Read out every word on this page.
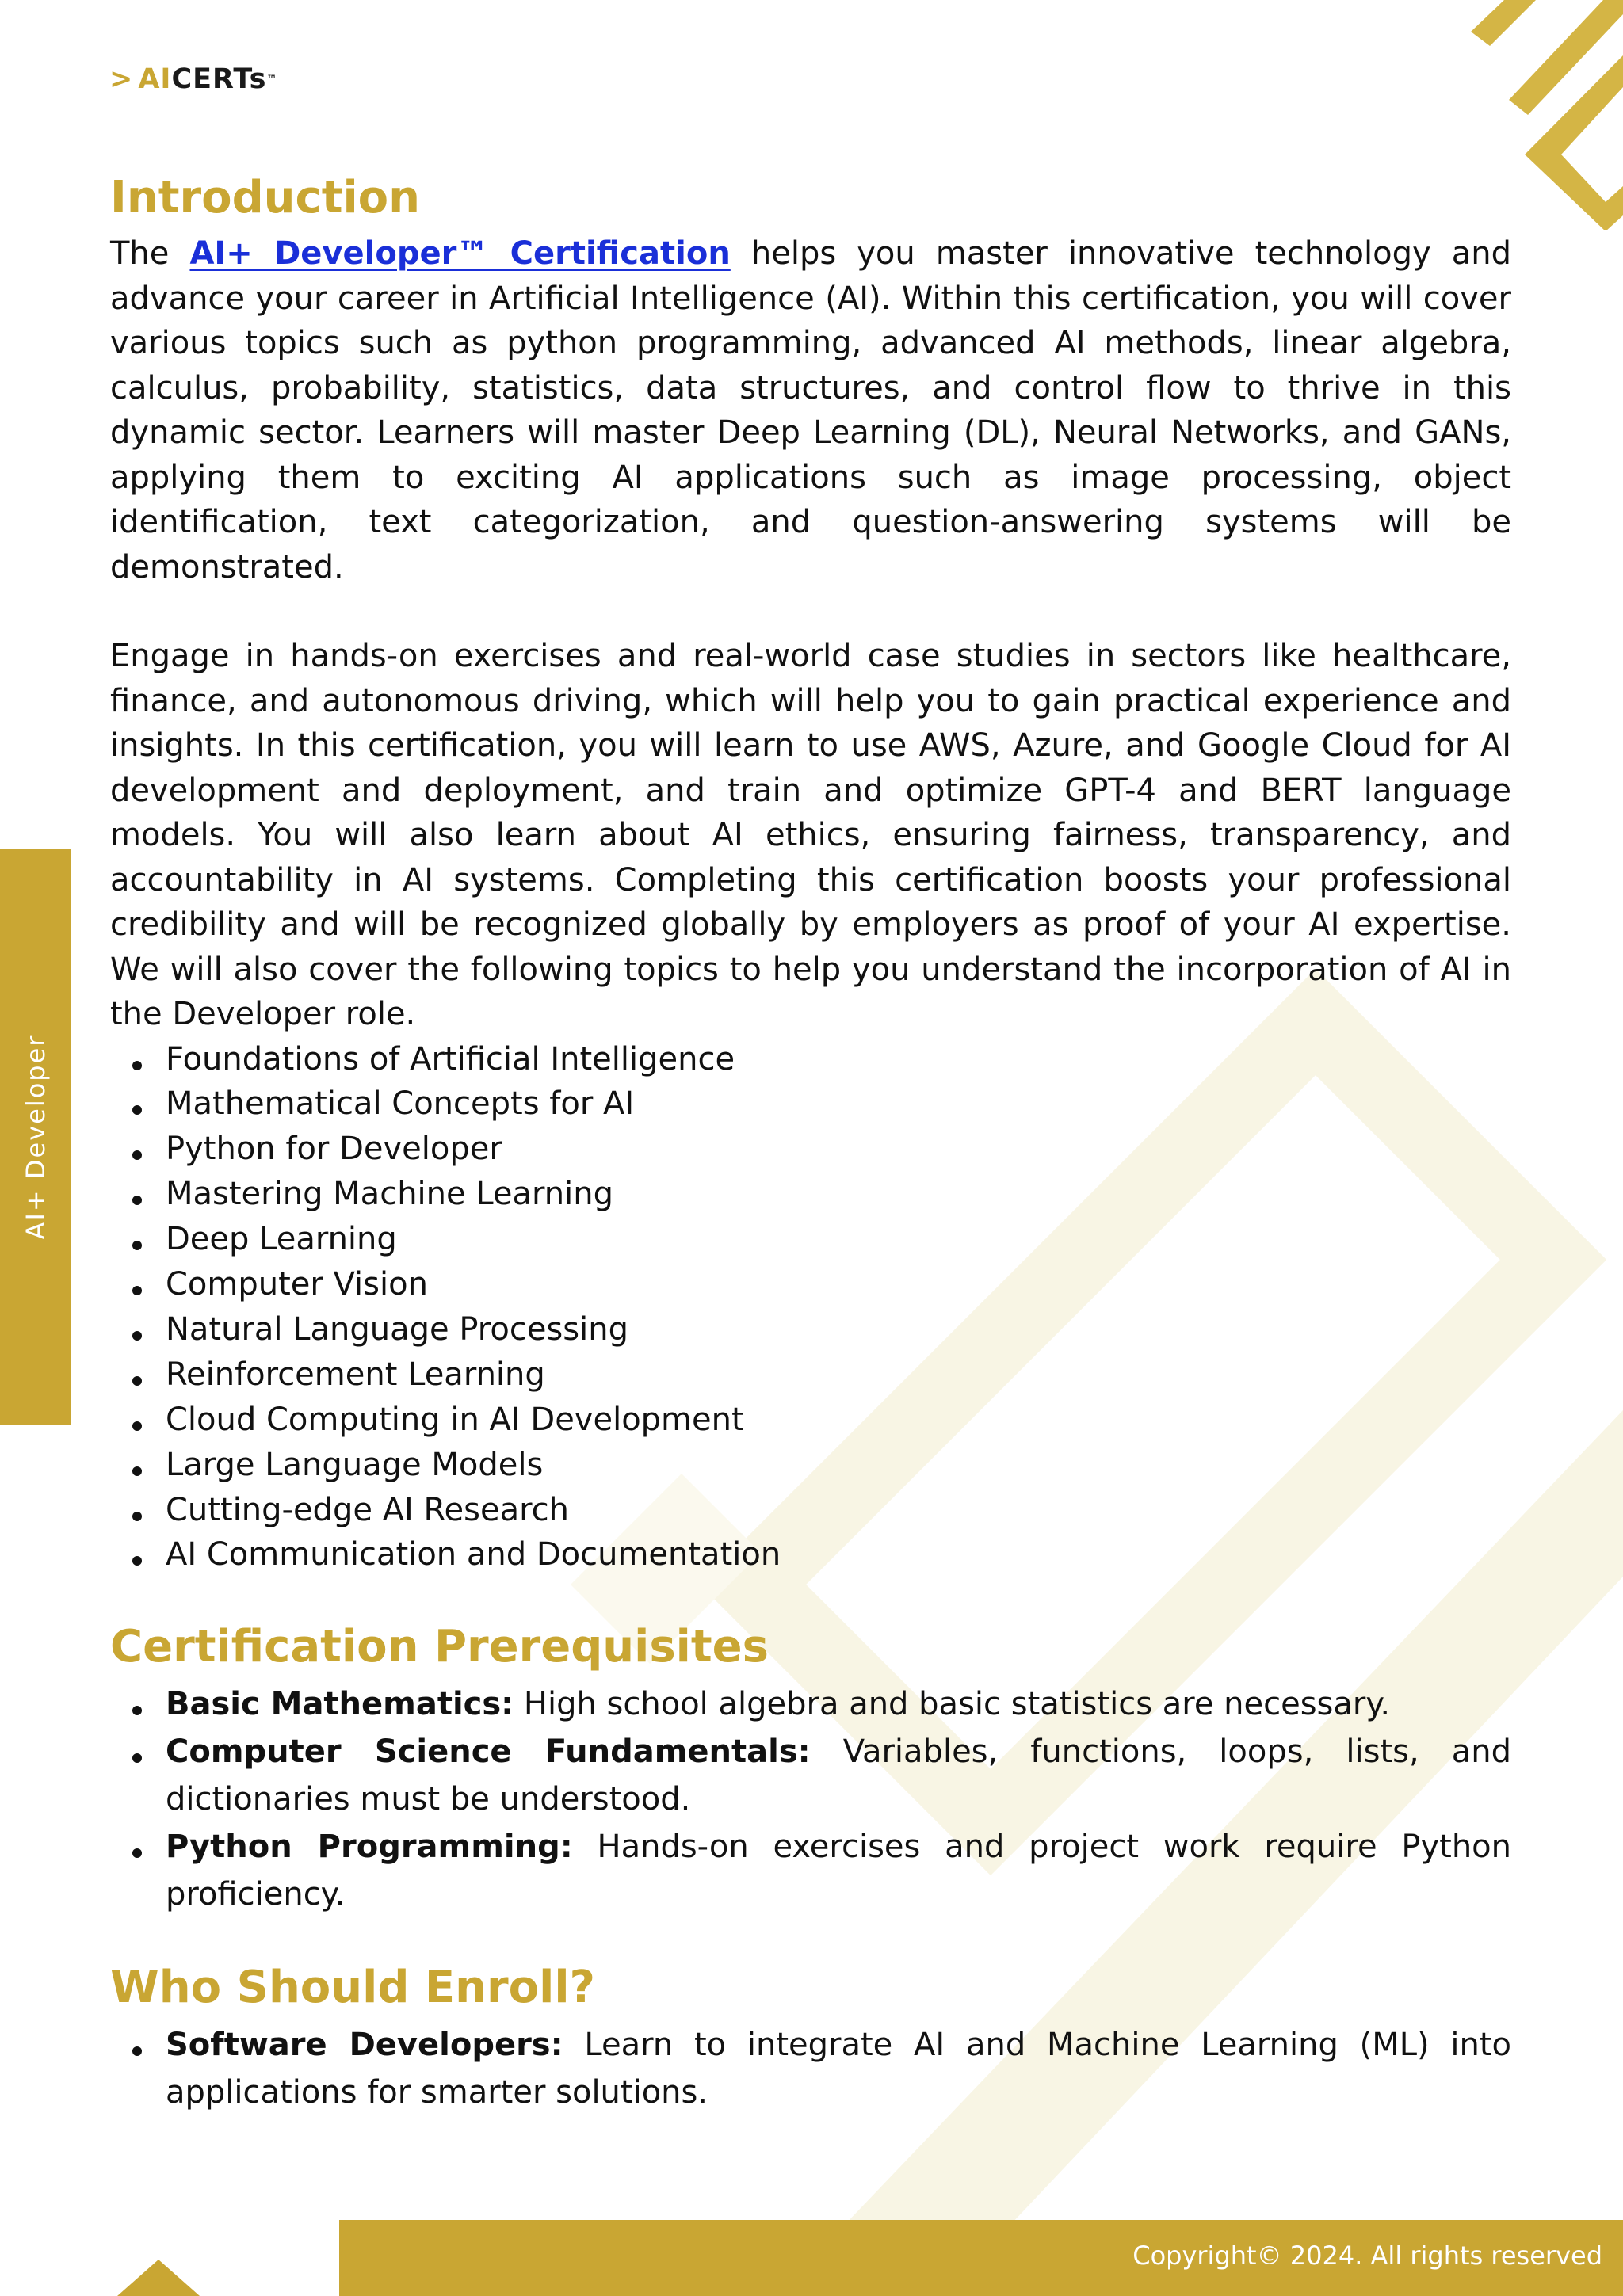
> AI CERTs ™
AI+ Developer
Introduction

The AI+ Developer™ Certification helps you master innovative technology and advance your career in Artificial Intelligence (AI). Within this certification, you will cover various topics such as python programming, advanced AI methods, linear algebra, calculus, probability, statistics, data structures, and control flow to thrive in this dynamic sector. Learners will master Deep Learning (DL), Neural Networks, and GANs, applying them to exciting AI applications such as image processing, object identification, text categorization, and question-answering systems will be demonstrated.

Engage in hands-on exercises and real-world case studies in sectors like healthcare, finance, and autonomous driving, which will help you to gain practical experience and insights. In this certification, you will learn to use AWS, Azure, and Google Cloud for AI development and deployment, and train and optimize GPT-4 and BERT language models. You will also learn about AI ethics, ensuring fairness, transparency, and accountability in AI systems. Completing this certification boosts your professional credibility and will be recognized globally by employers as proof of your AI expertise. We will also cover the following topics to help you understand the incorporation of AI in the Developer role.

Foundations of Artificial Intelligence
Mathematical Concepts for AI
Python for Developer
Mastering Machine Learning
Deep Learning
Computer Vision
Natural Language Processing
Reinforcement Learning
Cloud Computing in AI Development
Large Language Models
Cutting-edge AI Research
AI Communication and Documentation
Certification Prerequisites
Basic Mathematics: High school algebra and basic statistics are necessary.
Computer Science Fundamentals: Variables, functions, loops, lists, and dictionaries must be understood.
Python Programming: Hands-on exercises and project work require Python proficiency.
Who Should Enroll?
Software Developers: Learn to integrate AI and Machine Learning (ML) into applications for smarter solutions.
Copyright© 2024. All rights reserved
